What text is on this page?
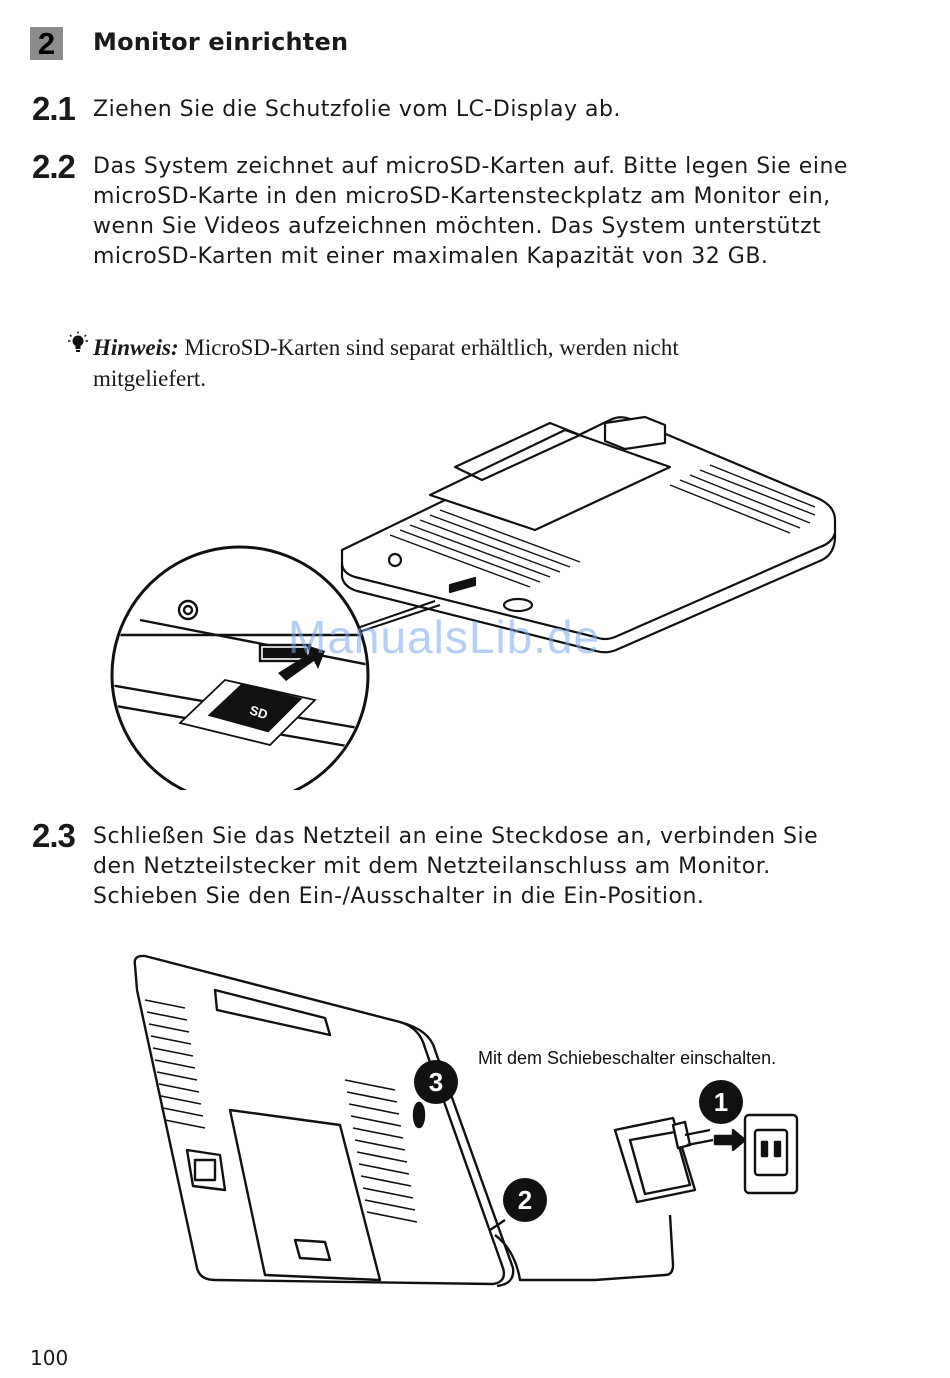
2	Monitor einrichten
2.1 Ziehen Sie die Schutzfolie vom LC-Display ab.

2.2 Das System zeichnet auf microSD-Karten auf. Bitte legen Sie eine
microSD-Karte in den microSD-Kartensteckplatz am Monitor ein,
wenn Sie Videos aufzeichnen möchten. Das System unterstützt
microSD-Karten mit einer maximalen Kapazität von 32 GB.

Hinweis: MicroSD-Karten sind separat erhältlich, werden nicht
mitgeliefert.
SD
ManualsLib.de
2.3 Schließen Sie das Netzteil an eine Steckdose an, verbinden Sie
den Netzteilstecker mit dem Netzteilanschluss am Monitor.
Schieben Sie den Ein-/Ausschalter in die Ein-Position.

1
2
3
Mit dem Schiebeschalter einschalten.
100
